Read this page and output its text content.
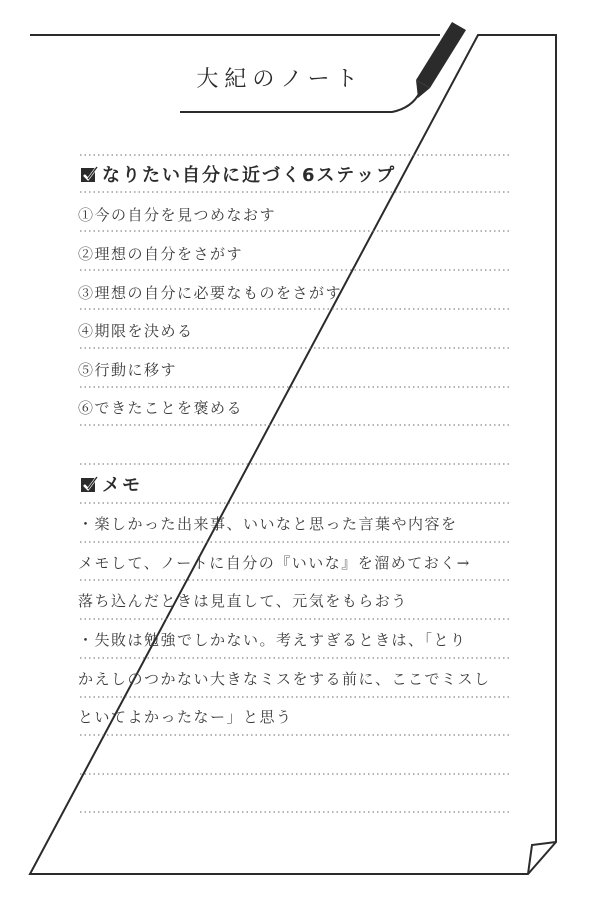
大紀のノート
なりたい自分に近づく6ステップ
①今の自分を見つめなおす
②理想の自分をさがす
③理想の自分に必要なものをさがす
④期限を決める
⑤行動に移す
⑥できたことを褒める
メモ
・楽しかった出来事、いいなと思った言葉や内容を
メモして、ノートに自分の『いいな』を溜めておく→
落ち込んだときは見直して、元気をもらおう
・失敗は勉強でしかない。考えすぎるときは、「とり
かえしのつかない大きなミスをする前に、ここでミスし
といてよかったなー」と思う
